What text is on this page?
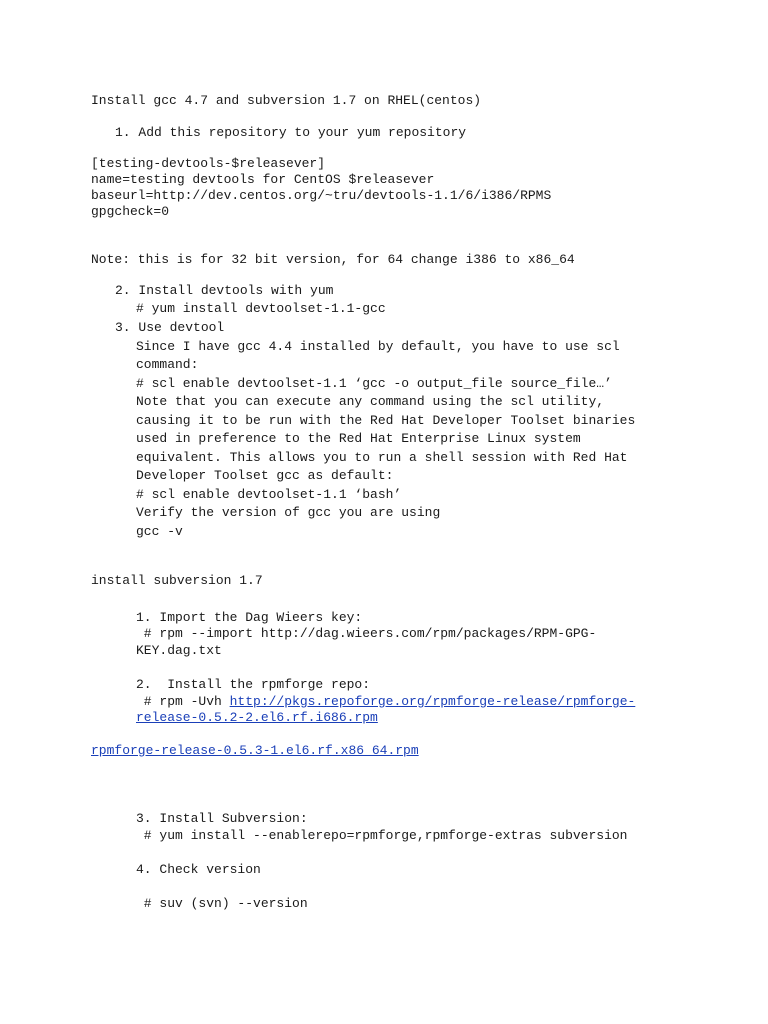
Install gcc 4.7 and subversion 1.7 on RHEL(centos)
1. Add this repository to your yum repository
[testing-devtools-$releasever]
name=testing devtools for CentOS $releasever
baseurl=http://dev.centos.org/~tru/devtools-1.1/6/i386/RPMS
gpgcheck=0
Note: this is for 32 bit version, for 64 change i386 to x86_64
2. Install devtools with yum
# yum install devtoolset-1.1-gcc
3. Use devtool
Since I have gcc 4.4 installed by default, you have to use scl
command:
# scl enable devtoolset-1.1 ‘gcc -o output_file source_file…’
Note that you can execute any command using the scl utility,
causing it to be run with the Red Hat Developer Toolset binaries
used in preference to the Red Hat Enterprise Linux system
equivalent. This allows you to run a shell session with Red Hat
Developer Toolset gcc as default:
# scl enable devtoolset-1.1 ‘bash’
Verify the version of gcc you are using
gcc -v
install subversion 1.7
1. Import the Dag Wieers key:
# rpm --import http://dag.wieers.com/rpm/packages/RPM-GPG-
KEY.dag.txt
2.  Install the rpmforge repo:
# rpm -Uvh http://pkgs.repoforge.org/rpmforge-release/rpmforge-
release-0.5.2-2.el6.rf.i686.rpm
rpmforge-release-0.5.3-1.el6.rf.x86_64.rpm
3. Install Subversion:
# yum install --enablerepo=rpmforge,rpmforge-extras subversion
4. Check version
# suv (svn) --version
